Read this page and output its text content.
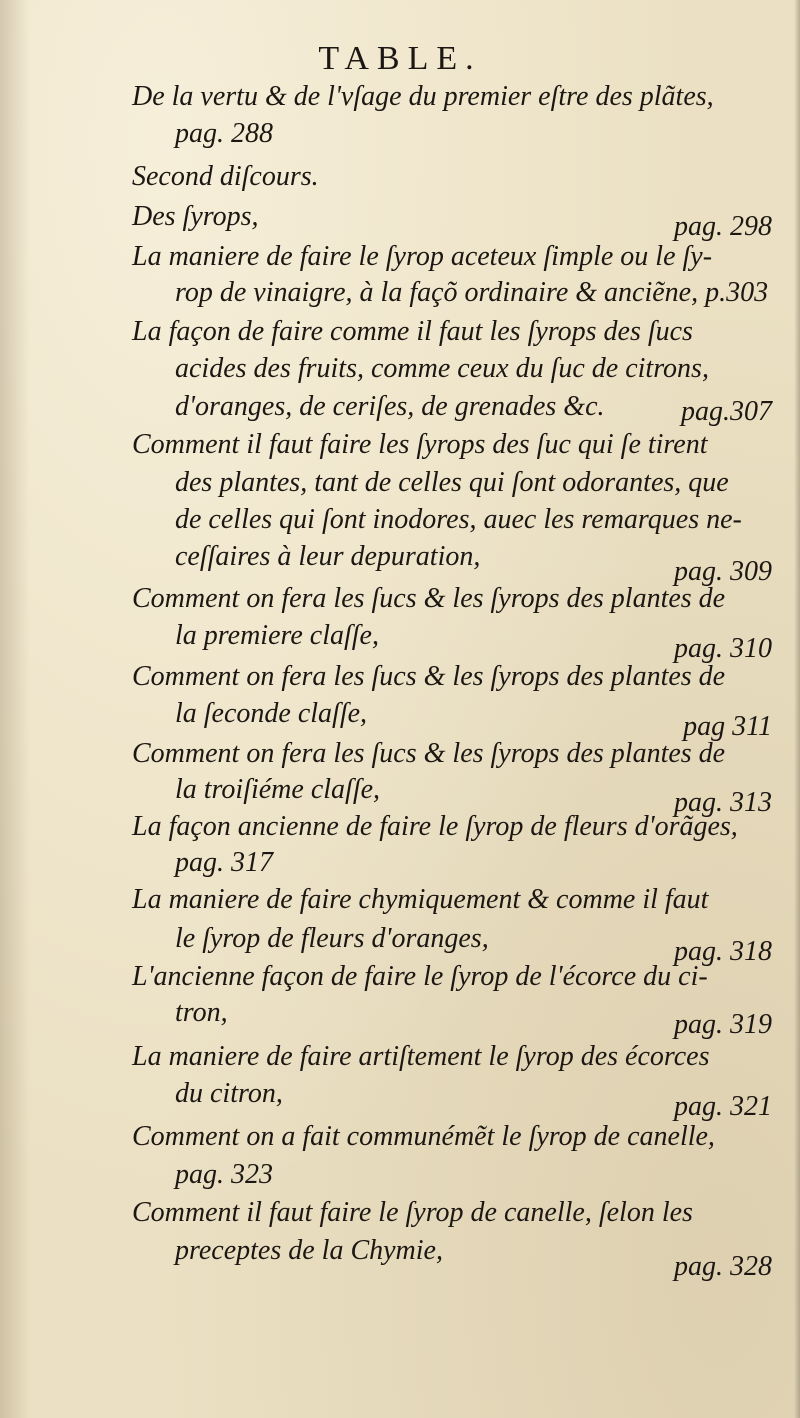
TABLE.
De la vertu & de l'vſage du premier eſtre des plãtes,
pag. 288
Second diſcours.
Des ſyrops,
La maniere de faire le ſyrop aceteux ſimple ou le ſy-
rop de vinaigre, à la façõ ordinaire & anciẽne, p.303
La façon de faire comme il faut les ſyrops des ſucs
acides des fruits, comme ceux du ſuc de citrons,
d'oranges, de ceriſes, de grenades &c.
Comment il faut faire les ſyrops des ſuc qui ſe tirent
des plantes, tant de celles qui ſont odorantes, que
de celles qui ſont inodores, auec les remarques ne-
ceſſaires à leur depuration,
Comment on fera les ſucs & les ſyrops des plantes de
la premiere claſſe,
Comment on fera les ſucs & les ſyrops des plantes de
la ſeconde claſſe,
Comment on fera les ſucs & les ſyrops des plantes de
la troiſiéme claſſe,
La façon ancienne de faire le ſyrop de fleurs d'orãges,
pag. 317
La maniere de faire chymiquement & comme il faut
le ſyrop de fleurs d'oranges,
L'ancienne façon de faire le ſyrop de l'écorce du ci-
tron,
La maniere de faire artiſtement le ſyrop des écorces
du citron,
Comment on a fait communémẽt le ſyrop de canelle,
pag. 323
Comment il faut faire le ſyrop de canelle, ſelon les
preceptes de la Chymie,
pag. 298
pag.307
pag. 309
pag. 310
pag 311
pag. 313
pag. 318
pag. 319
pag. 321
pag. 328
